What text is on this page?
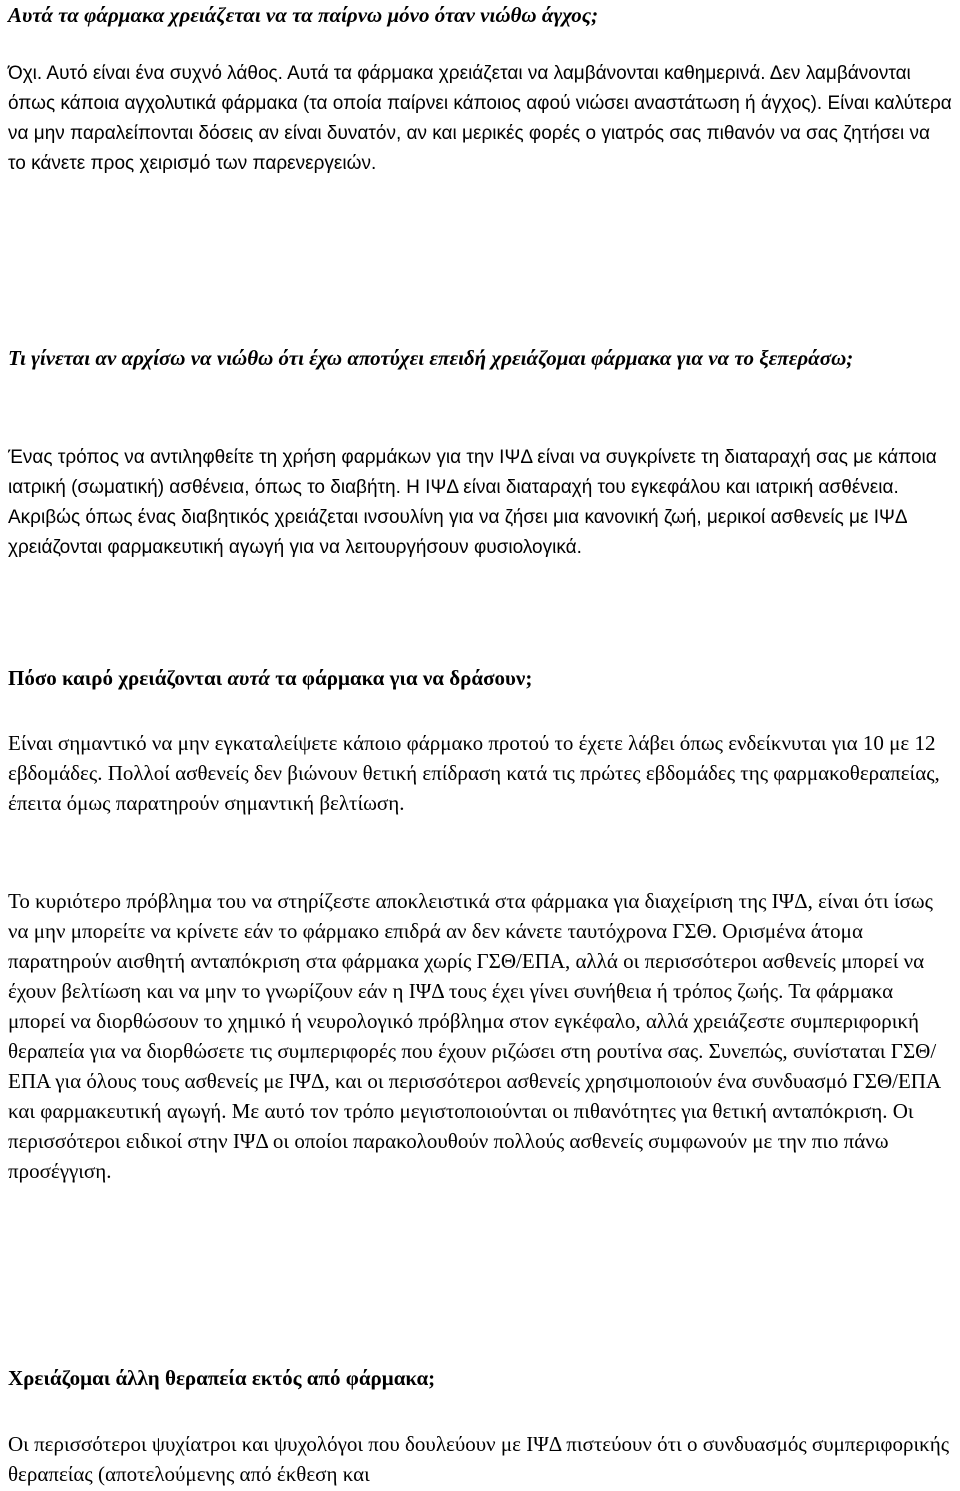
Αυτά τα φάρμακα χρειάζεται να τα παίρνω μόνο όταν νιώθω άγχος;

Όχι. Αυτό είναι ένα συχνό λάθος. Αυτά τα φάρμακα χρειάζεται να λαμβάνονται καθημερινά. Δεν λαμβάνονται όπως κάποια αγχολυτικά φάρμακα (τα οποία παίρνει κάποιος αφού νιώσει αναστάτωση ή άγχος). Είναι καλύτερα να μην παραλείπονται δόσεις αν είναι δυνατόν, αν και μερικές φορές ο γιατρός σας πιθανόν να σας ζητήσει να το κάνετε προς χειρισμό των παρενεργειών.

Τι γίνεται αν αρχίσω να νιώθω ότι έχω αποτύχει επειδή χρειάζομαι φάρμακα για να το ξεπεράσω;

Ένας τρόπος να αντιληφθείτε τη χρήση φαρμάκων για την ΙΨΔ είναι να συγκρίνετε τη διαταραχή σας με κάποια ιατρική (σωματική) ασθένεια, όπως το διαβήτη. Η ΙΨΔ είναι διαταραχή του εγκεφάλου και ιατρική ασθένεια. Ακριβώς όπως ένας διαβητικός χρειάζεται ινσουλίνη για να ζήσει μια κανονική ζωή, μερικοί ασθενείς με ΙΨΔ χρειάζονται φαρμακευτική αγωγή για να λειτουργήσουν φυσιολογικά.

Πόσο καιρό χρειάζονται αυτά τα φάρμακα για να δράσουν;

Είναι σημαντικό να μην εγκαταλείψετε κάποιο φάρμακο προτού το έχετε λάβει όπως ενδείκνυται για 10 με 12 εβδομάδες. Πολλοί ασθενείς δεν βιώνουν θετική επίδραση κατά τις πρώτες εβδομάδες της φαρμακοθεραπείας, έπειτα όμως παρατηρούν σημαντική βελτίωση.

Το κυριότερο πρόβλημα του να στηρίζεστε αποκλειστικά στα φάρμακα για διαχείριση της ΙΨΔ, είναι ότι ίσως να μην μπορείτε να κρίνετε εάν το φάρμακο επιδρά αν δεν κάνετε ταυτόχρονα ΓΣΘ. Ορισμένα άτομα παρατηρούν αισθητή ανταπόκριση στα φάρμακα χωρίς ΓΣΘ/ΕΠΑ, αλλά οι περισσότεροι ασθενείς μπορεί να έχουν βελτίωση και να μην το γνωρίζουν εάν η ΙΨΔ τους έχει γίνει συνήθεια ή τρόπος ζωής. Τα φάρμακα μπορεί να διορθώσουν το χημικό ή νευρολογικό πρόβλημα στον εγκέφαλο, αλλά χρειάζεστε συμπεριφορική θεραπεία για να διορθώσετε τις συμπεριφορές που έχουν ριζώσει στη ρουτίνα σας. Συνεπώς, συνίσταται ΓΣΘ/ΕΠΑ για όλους τους ασθενείς με ΙΨΔ, και οι περισσότεροι ασθενείς χρησιμοποιούν ένα συνδυασμό ΓΣΘ/ΕΠΑ και φαρμακευτική αγωγή. Με αυτό τον τρόπο μεγιστοποιούνται οι πιθανότητες για θετική ανταπόκριση. Οι περισσότεροι ειδικοί στην ΙΨΔ οι οποίοι παρακολουθούν πολλούς ασθενείς συμφωνούν με την πιο πάνω προσέγγιση.

Χρειάζομαι άλλη θεραπεία εκτός από φάρμακα;

Οι περισσότεροι ψυχίατροι και ψυχολόγοι που δουλεύουν με ΙΨΔ πιστεύουν ότι ο συνδυασμός συμπεριφορικής θεραπείας (αποτελούμενης από έκθεση και
